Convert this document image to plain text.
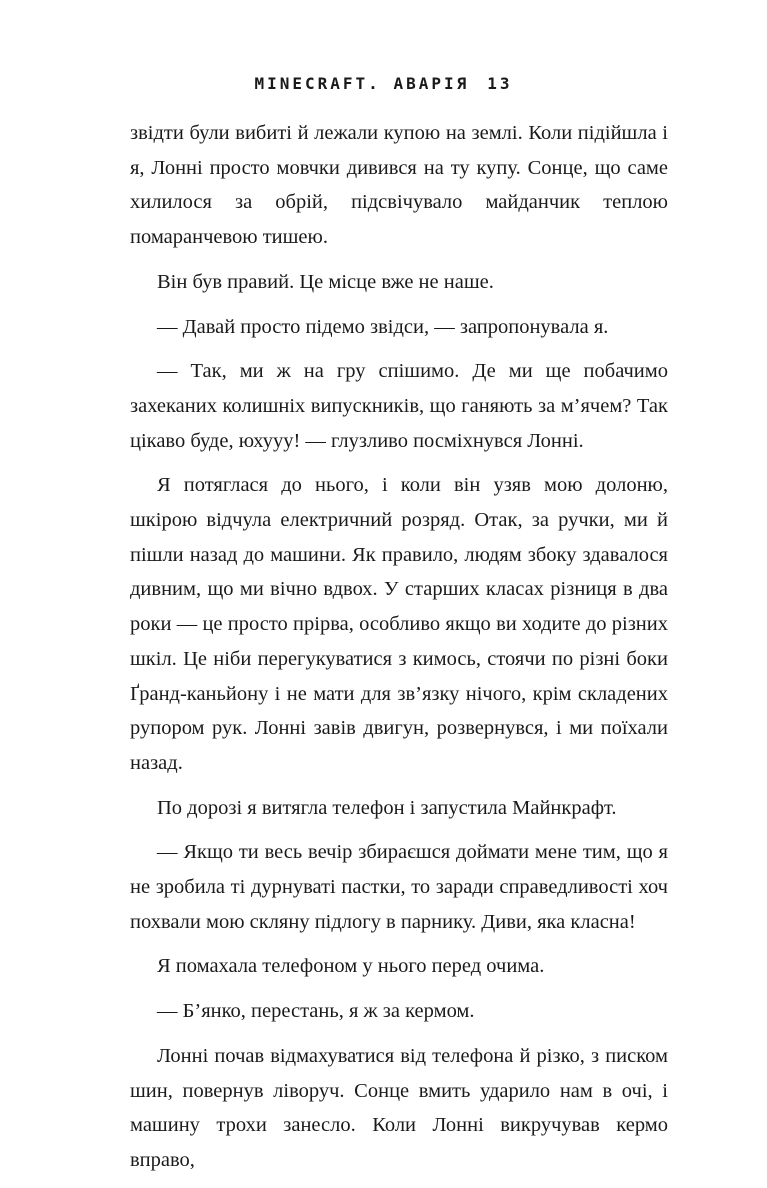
MINECRAFT. АВАРІЯ 13

звідти були вибиті й лежали купою на землі. Коли підійшла і я, Лонні просто мовчки дивився на ту купу. Сонце, що саме хилилося за обрій, підсвічувало майданчик теплою помаранчевою тишею.

Він був правий. Це місце вже не наше.

— Давай просто підемо звідси, — запропонувала я.

— Так, ми ж на гру спішимо. Де ми ще побачимо захеканих колишніх випускників, що ганяють за м’ячем? Так цікаво буде, юхууу! — глузливо посміхнувся Лонні.

Я потяглася до нього, і коли він узяв мою долоню, шкірою відчула електричний розряд. Отак, за ручки, ми й пішли назад до машини. Як правило, людям збоку здавалося дивним, що ми вічно вдвох. У старших класах різниця в два роки — це просто прірва, особливо якщо ви ходите до різних шкіл. Це ніби перегукуватися з кимось, стоячи по різні боки Ґранд-каньйону і не мати для зв’язку нічого, крім складених рупором рук. Лонні завів двигун, розвернувся, і ми поїхали назад.

По дорозі я витягла телефон і запустила Майнкрафт.

— Якщо ти весь вечір збираєшся доймати мене тим, що я не зробила ті дурнуваті пастки, то заради справедливості хоч похвали мою скляну підлогу в парнику. Диви, яка класна!

Я помахала телефоном у нього перед очима.

— Б’янко, перестань, я ж за кермом.

Лонні почав відмахуватися від телефона й різко, з писком шин, повернув ліворуч. Сонце вмить ударило нам в очі, і машину трохи занесло. Коли Лонні викручував кермо вправо,
